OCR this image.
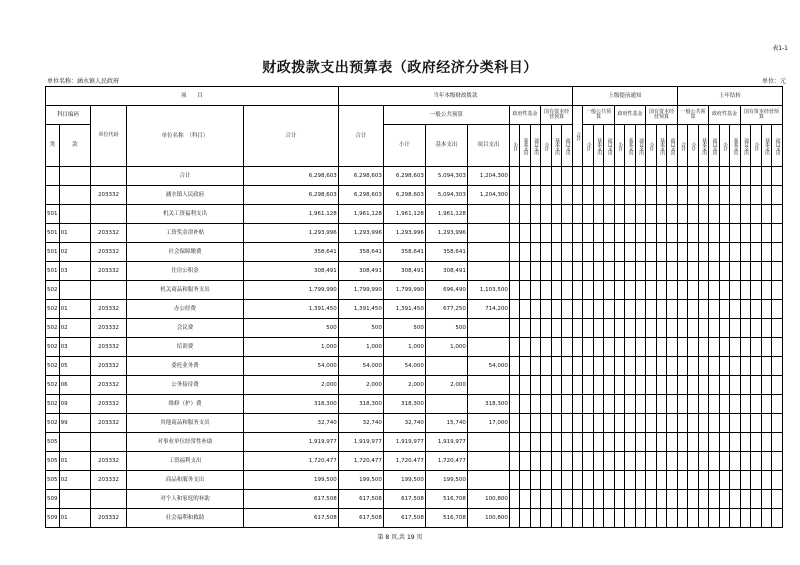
表1-1
财政拨款支出预算表（政府经济分类科目）
单位名称：涵水镇人民政府	单位：元
项　　目					当年本级财政拨款										上级提前通知										上年结转									
科目编码		单位代码	单位名称　（科目）	合计	合计	一般公共预算			政府性基金			国有资本经营预算			合计	一般公共预算			政府性基金			国有资本经营预算			一般公共预算			政府性基金			国有资本经营预算			
类	款					小计	基本支出	项目支出	小计	基本支出	项目支出	小计	基本支出	项目支出		小计	基本支出	项目支出	小计	基本支出	项目支出	小计	基本支出	项目支出	合计	小计	基本支出	项目支出	小计	基本支出	项目支出	小计	基本支出	项目支出

			合计	6,298,603	6,298,603	6,298,603	5,094,303	1,204,300																										
		203332	涵水镇人民政府	6,298,603	6,298,603	6,298,603	5,094,303	1,204,300																										
501			机关工资福利支出	1,961,128	1,961,128	1,961,128	1,961,128																											
501	01	203332	工资奖金津补贴	1,293,996	1,293,996	1,293,996	1,293,996																											
501	02	203332	社会保障缴费	358,641	358,641	358,641	358,641																											
501	03	203332	住房公积金	308,491	308,491	308,491	308,491																											
502			机关商品和服务支出	1,799,990	1,799,990	1,799,990	696,490	1,103,500																										
502	01	203332	办公经费	1,391,450	1,391,450	1,391,450	677,250	714,200																										
502	02	203332	会议费	500	500	500	500																											
502	03	203332	培训费	1,000	1,000	1,000	1,000																											
502	05	203332	委托业务费	54,000	54,000	54,000		54,000																										
502	06	203332	公务接待费	2,000	2,000	2,000	2,000																											
502	09	203332	维修（护）费	318,300	318,300	318,300		318,300																										
502	99	203332	其他商品和服务支出	32,740	32,740	32,740	15,740	17,000																										
505			对事业单位经常性补助	1,919,977	1,919,977	1,919,977	1,919,977																											
505	01	203332	工资福利支出	1,720,477	1,720,477	1,720,477	1,720,477																											
505	02	203332	商品和服务支出	199,500	199,500	199,500	199,500																											
509			对个人和家庭的补助	617,508	617,508	617,508	516,708	100,800																										
509	01	203332	社会福利和救助	617,508	617,508	617,508	516,708	100,800																										
第 8 页,共 19 页
